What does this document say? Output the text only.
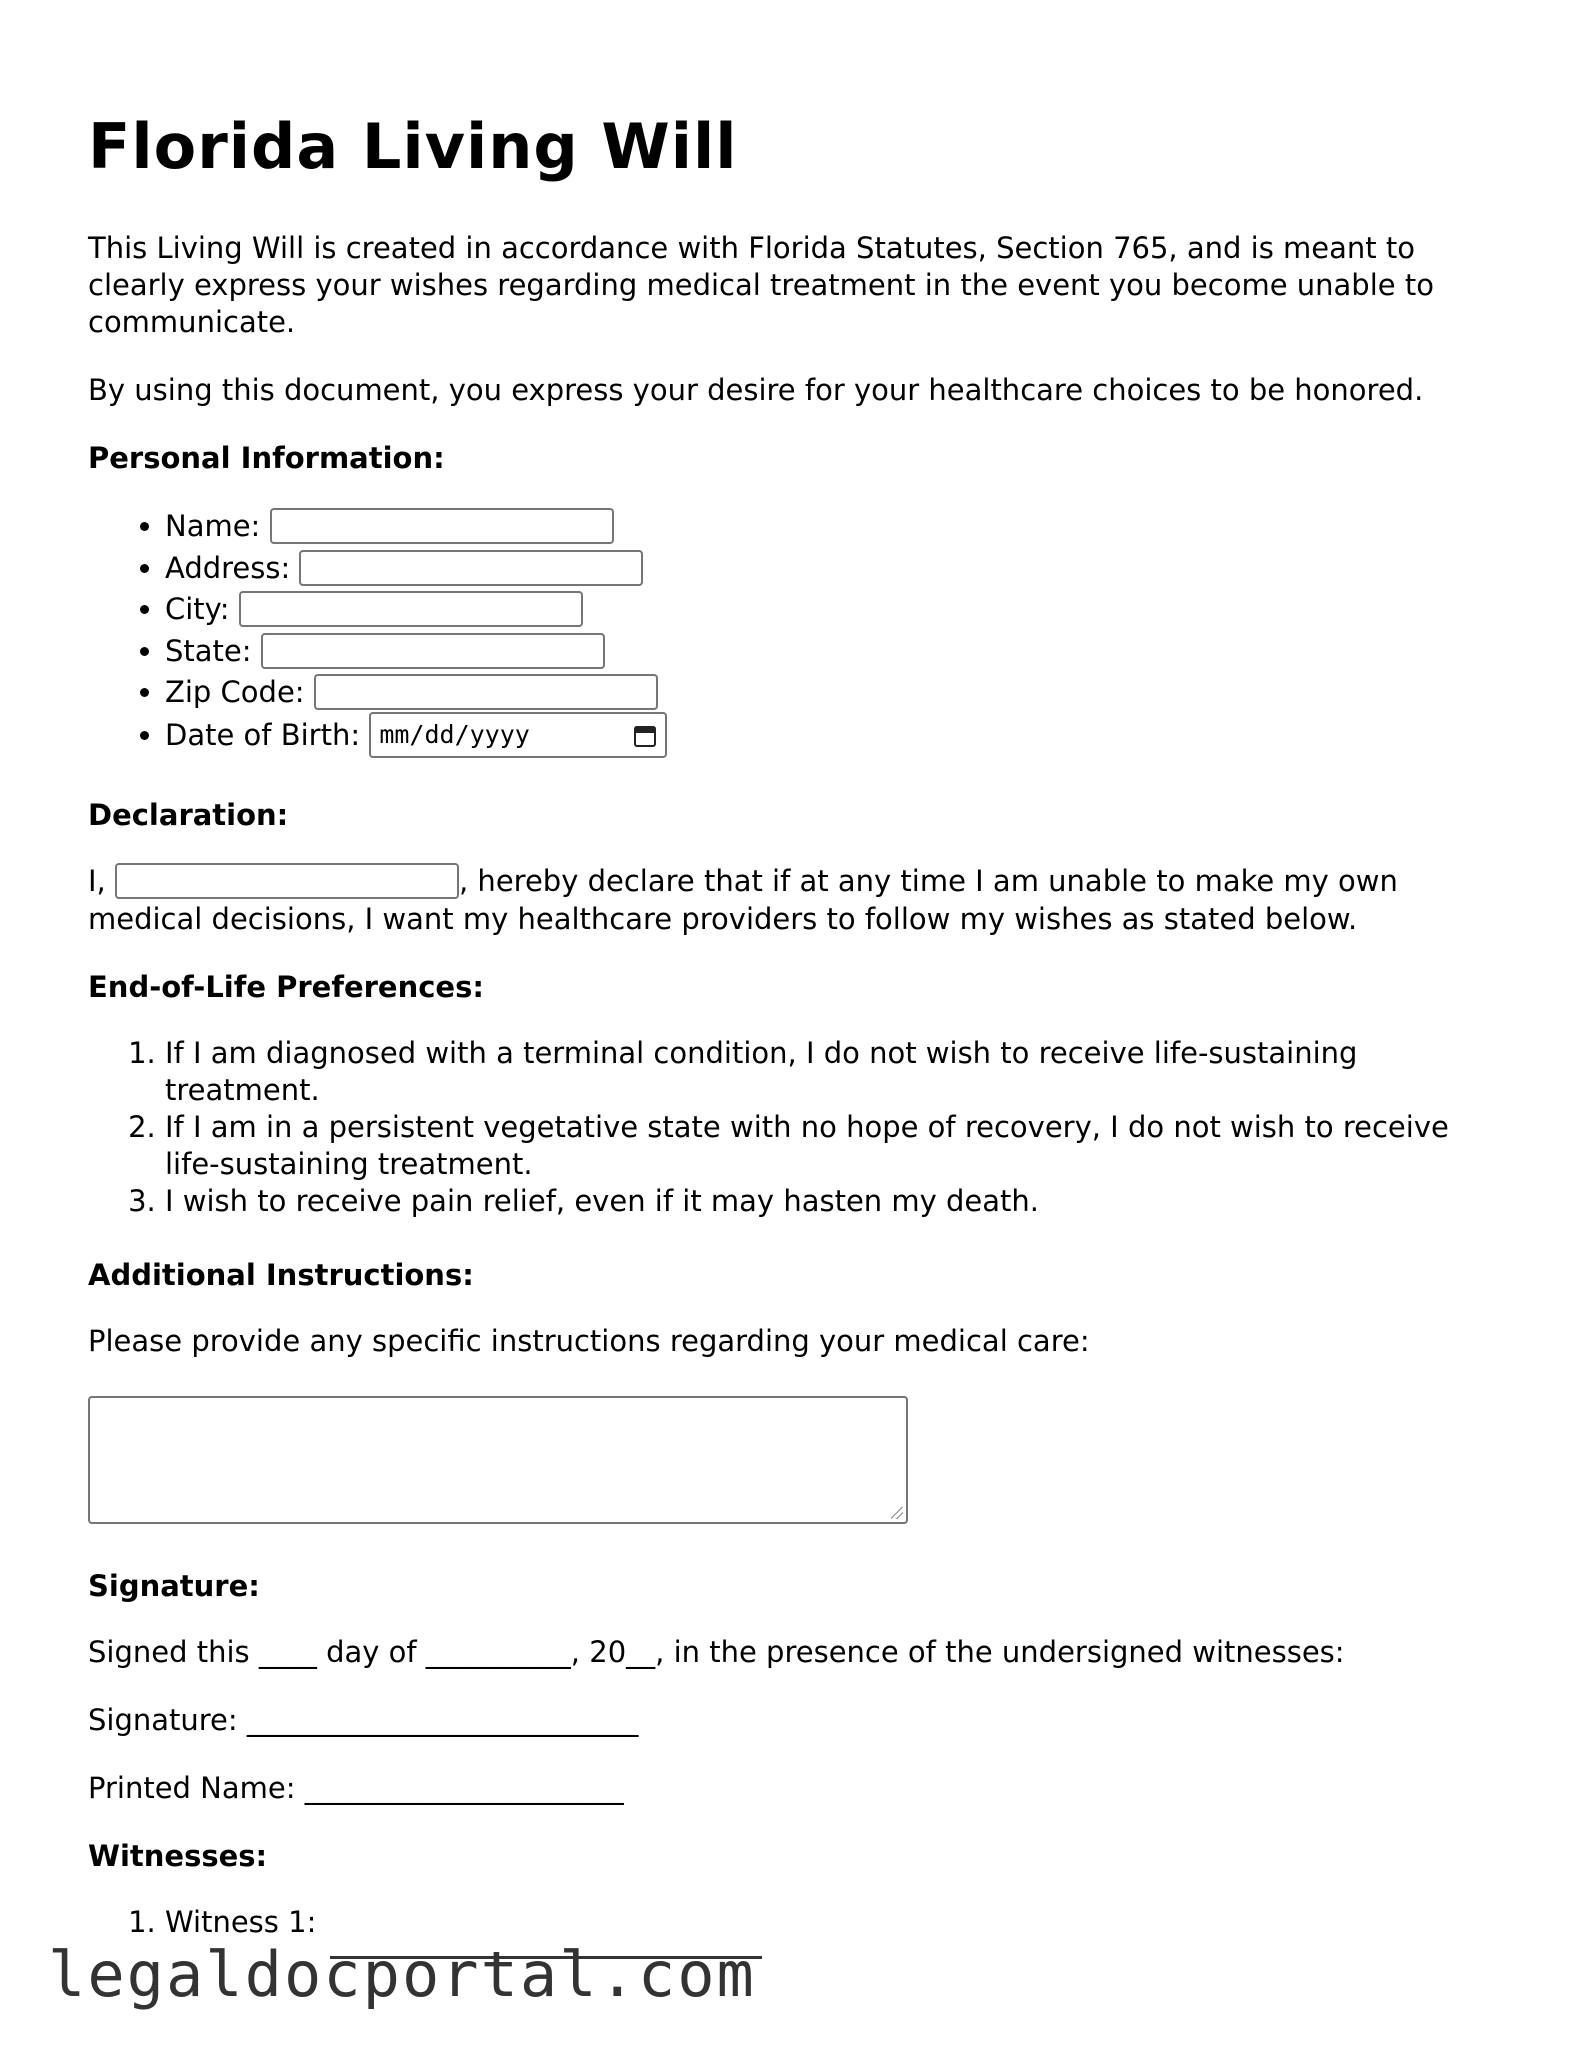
Florida Living Will

This Living Will is created in accordance with Florida Statutes, Section 765, and is meant to clearly express your wishes regarding medical treatment in the event you become unable to communicate.

By using this document, you express your desire for your healthcare choices to be honored.

Personal Information:
• Name:
• Address:
• City:
• State:
• Zip Code:
• Date of Birth: mm/dd/yyyy
Declaration:

I,	, hereby declare that if at any time I am unable to make my own medical decisions, I want my healthcare providers to follow my wishes as stated below.

End-of-Life Preferences:
1. If I am diagnosed with a terminal condition, I do not wish to receive life-sustaining treatment.
2. If I am in a persistent vegetative state with no hope of recovery, I do not wish to receive life-sustaining treatment.
3. I wish to receive pain relief, even if it may hasten my death.
Additional Instructions:

Please provide any specific instructions regarding your medical care:

Signature:

Signed this ____ day of __________, 20__, in the presence of the undersigned witnesses:

Signature: ___________________________

Printed Name: ______________________

Witnesses:
1. Witness 1:
legaldocportal.com
